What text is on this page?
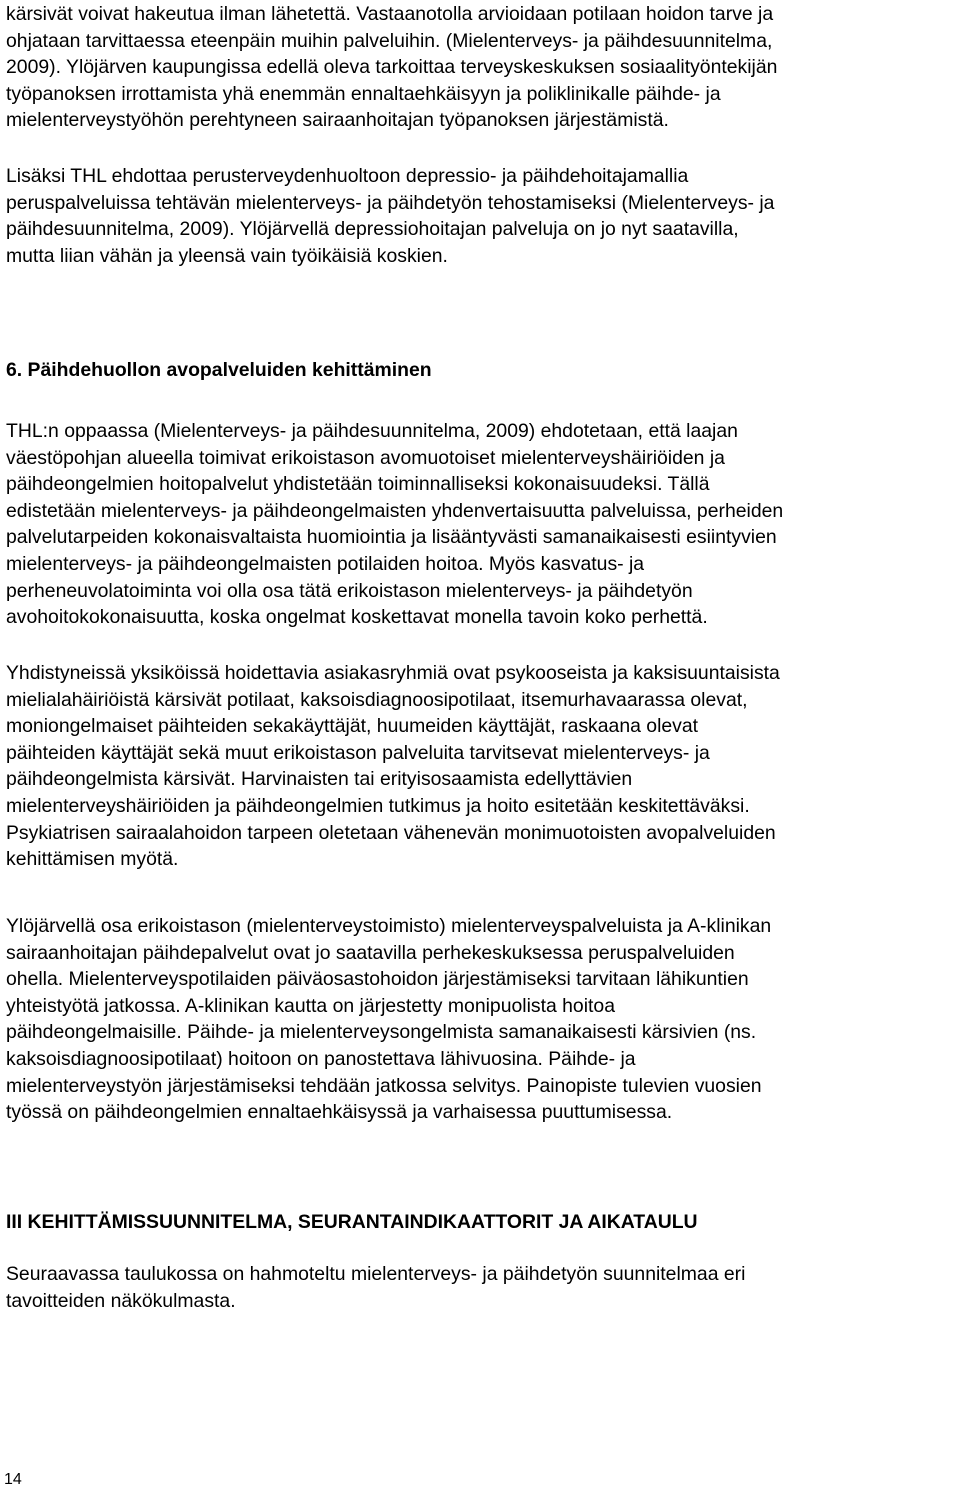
kärsivät voivat hakeutua ilman lähetettä. Vastaanotolla arvioidaan potilaan hoidon tarve ja
ohjataan tarvittaessa eteenpäin muihin palveluihin. (Mielenterveys- ja päihdesuunnitelma,
2009). Ylöjärven kaupungissa edellä oleva tarkoittaa terveyskeskuksen sosiaalityöntekijän
työpanoksen irrottamista yhä enemmän ennaltaehkäisyyn ja poliklinikalle päihde- ja
mielenterveystyöhön perehtyneen sairaanhoitajan työpanoksen järjestämistä.

Lisäksi THL ehdottaa perusterveydenhuoltoon depressio- ja päihdehoitajamallia
peruspalveluissa tehtävän mielenterveys- ja päihdetyön tehostamiseksi (Mielenterveys- ja
päihdesuunnitelma, 2009). Ylöjärvellä depressiohoitajan palveluja on jo nyt saatavilla,
mutta liian vähän ja yleensä vain työikäisiä koskien.

6. Päihdehuollon avopalveluiden kehittäminen

THL:n oppaassa (Mielenterveys- ja päihdesuunnitelma, 2009) ehdotetaan, että laajan
väestöpohjan alueella toimivat erikoistason avomuotoiset mielenterveyshäiriöiden ja
päihdeongelmien hoitopalvelut yhdistetään toiminnalliseksi kokonaisuudeksi. Tällä
edistetään mielenterveys- ja päihdeongelmaisten yhdenvertaisuutta palveluissa, perheiden
palvelutarpeiden kokonaisvaltaista huomiointia ja lisääntyvästi samanaikaisesti esiintyvien
mielenterveys- ja päihdeongelmaisten potilaiden hoitoa. Myös kasvatus- ja
perheneuvolatoiminta voi olla osa tätä erikoistason mielenterveys- ja päihdetyön
avohoitokokonaisuutta, koska ongelmat koskettavat monella tavoin koko perhettä.

Yhdistyneissä yksiköissä hoidettavia asiakasryhmiä ovat psykooseista ja kaksisuuntaisista
mielialahäiriöistä kärsivät potilaat, kaksoisdiagnoosipotilaat, itsemurhavaarassa olevat,
moniongelmaiset päihteiden sekakäyttäjät, huumeiden käyttäjät, raskaana olevat
päihteiden käyttäjät sekä muut erikoistason palveluita tarvitsevat mielenterveys- ja
päihdeongelmista kärsivät. Harvinaisten tai erityisosaamista edellyttävien
mielenterveyshäiriöiden ja päihdeongelmien tutkimus ja hoito esitetään keskitettäväksi.
Psykiatrisen sairaalahoidon tarpeen oletetaan vähenevän monimuotoisten avopalveluiden
kehittämisen myötä.

Ylöjärvellä osa erikoistason (mielenterveystoimisto) mielenterveyspalveluista ja A-klinikan
sairaanhoitajan päihdepalvelut ovat jo saatavilla perhekeskuksessa peruspalveluiden
ohella. Mielenterveyspotilaiden päiväosastohoidon järjestämiseksi tarvitaan lähikuntien
yhteistyötä jatkossa. A-klinikan kautta on järjestetty monipuolista hoitoa
päihdeongelmaisille. Päihde- ja mielenterveysongelmista samanaikaisesti kärsivien (ns.
kaksoisdiagnoosipotilaat) hoitoon on panostettava lähivuosina. Päihde- ja
mielenterveystyön järjestämiseksi tehdään jatkossa selvitys. Painopiste tulevien vuosien
työssä on päihdeongelmien ennaltaehkäisyssä ja varhaisessa puuttumisessa.

III KEHITTÄMISSUUNNITELMA, SEURANTAINDIKAATTORIT JA AIKATAULU

Seuraavassa taulukossa on hahmoteltu mielenterveys- ja päihdetyön suunnitelmaa eri
tavoitteiden näkökulmasta.

14
